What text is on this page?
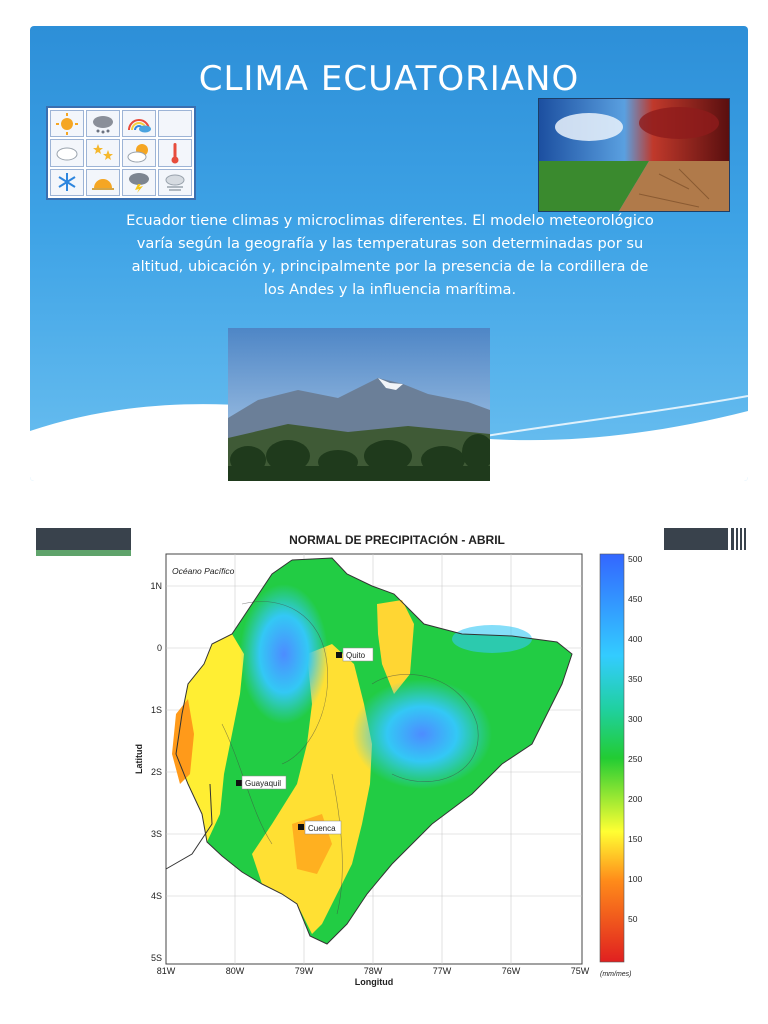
CLIMA ECUATORIANO

Ecuador tiene climas y microclimas diferentes. El modelo meteorológico varía según la geografía y las temperaturas son determinadas por su altitud, ubicación y, principalmente por la presencia de la cordillera de los Andes y la influencia marítima.

NORMAL DE PRECIPITACIÓN - ABRIL
Quito
Guayaquil
Cuenca
Océano Pacífico
1N
0
1S
2S
3S
4S
5S
81W	80W	79W	78W	77W	76W	75W
Longitud
Latitud
500
450
400
350
300
250
200
150
100
50
(mm/mes)
